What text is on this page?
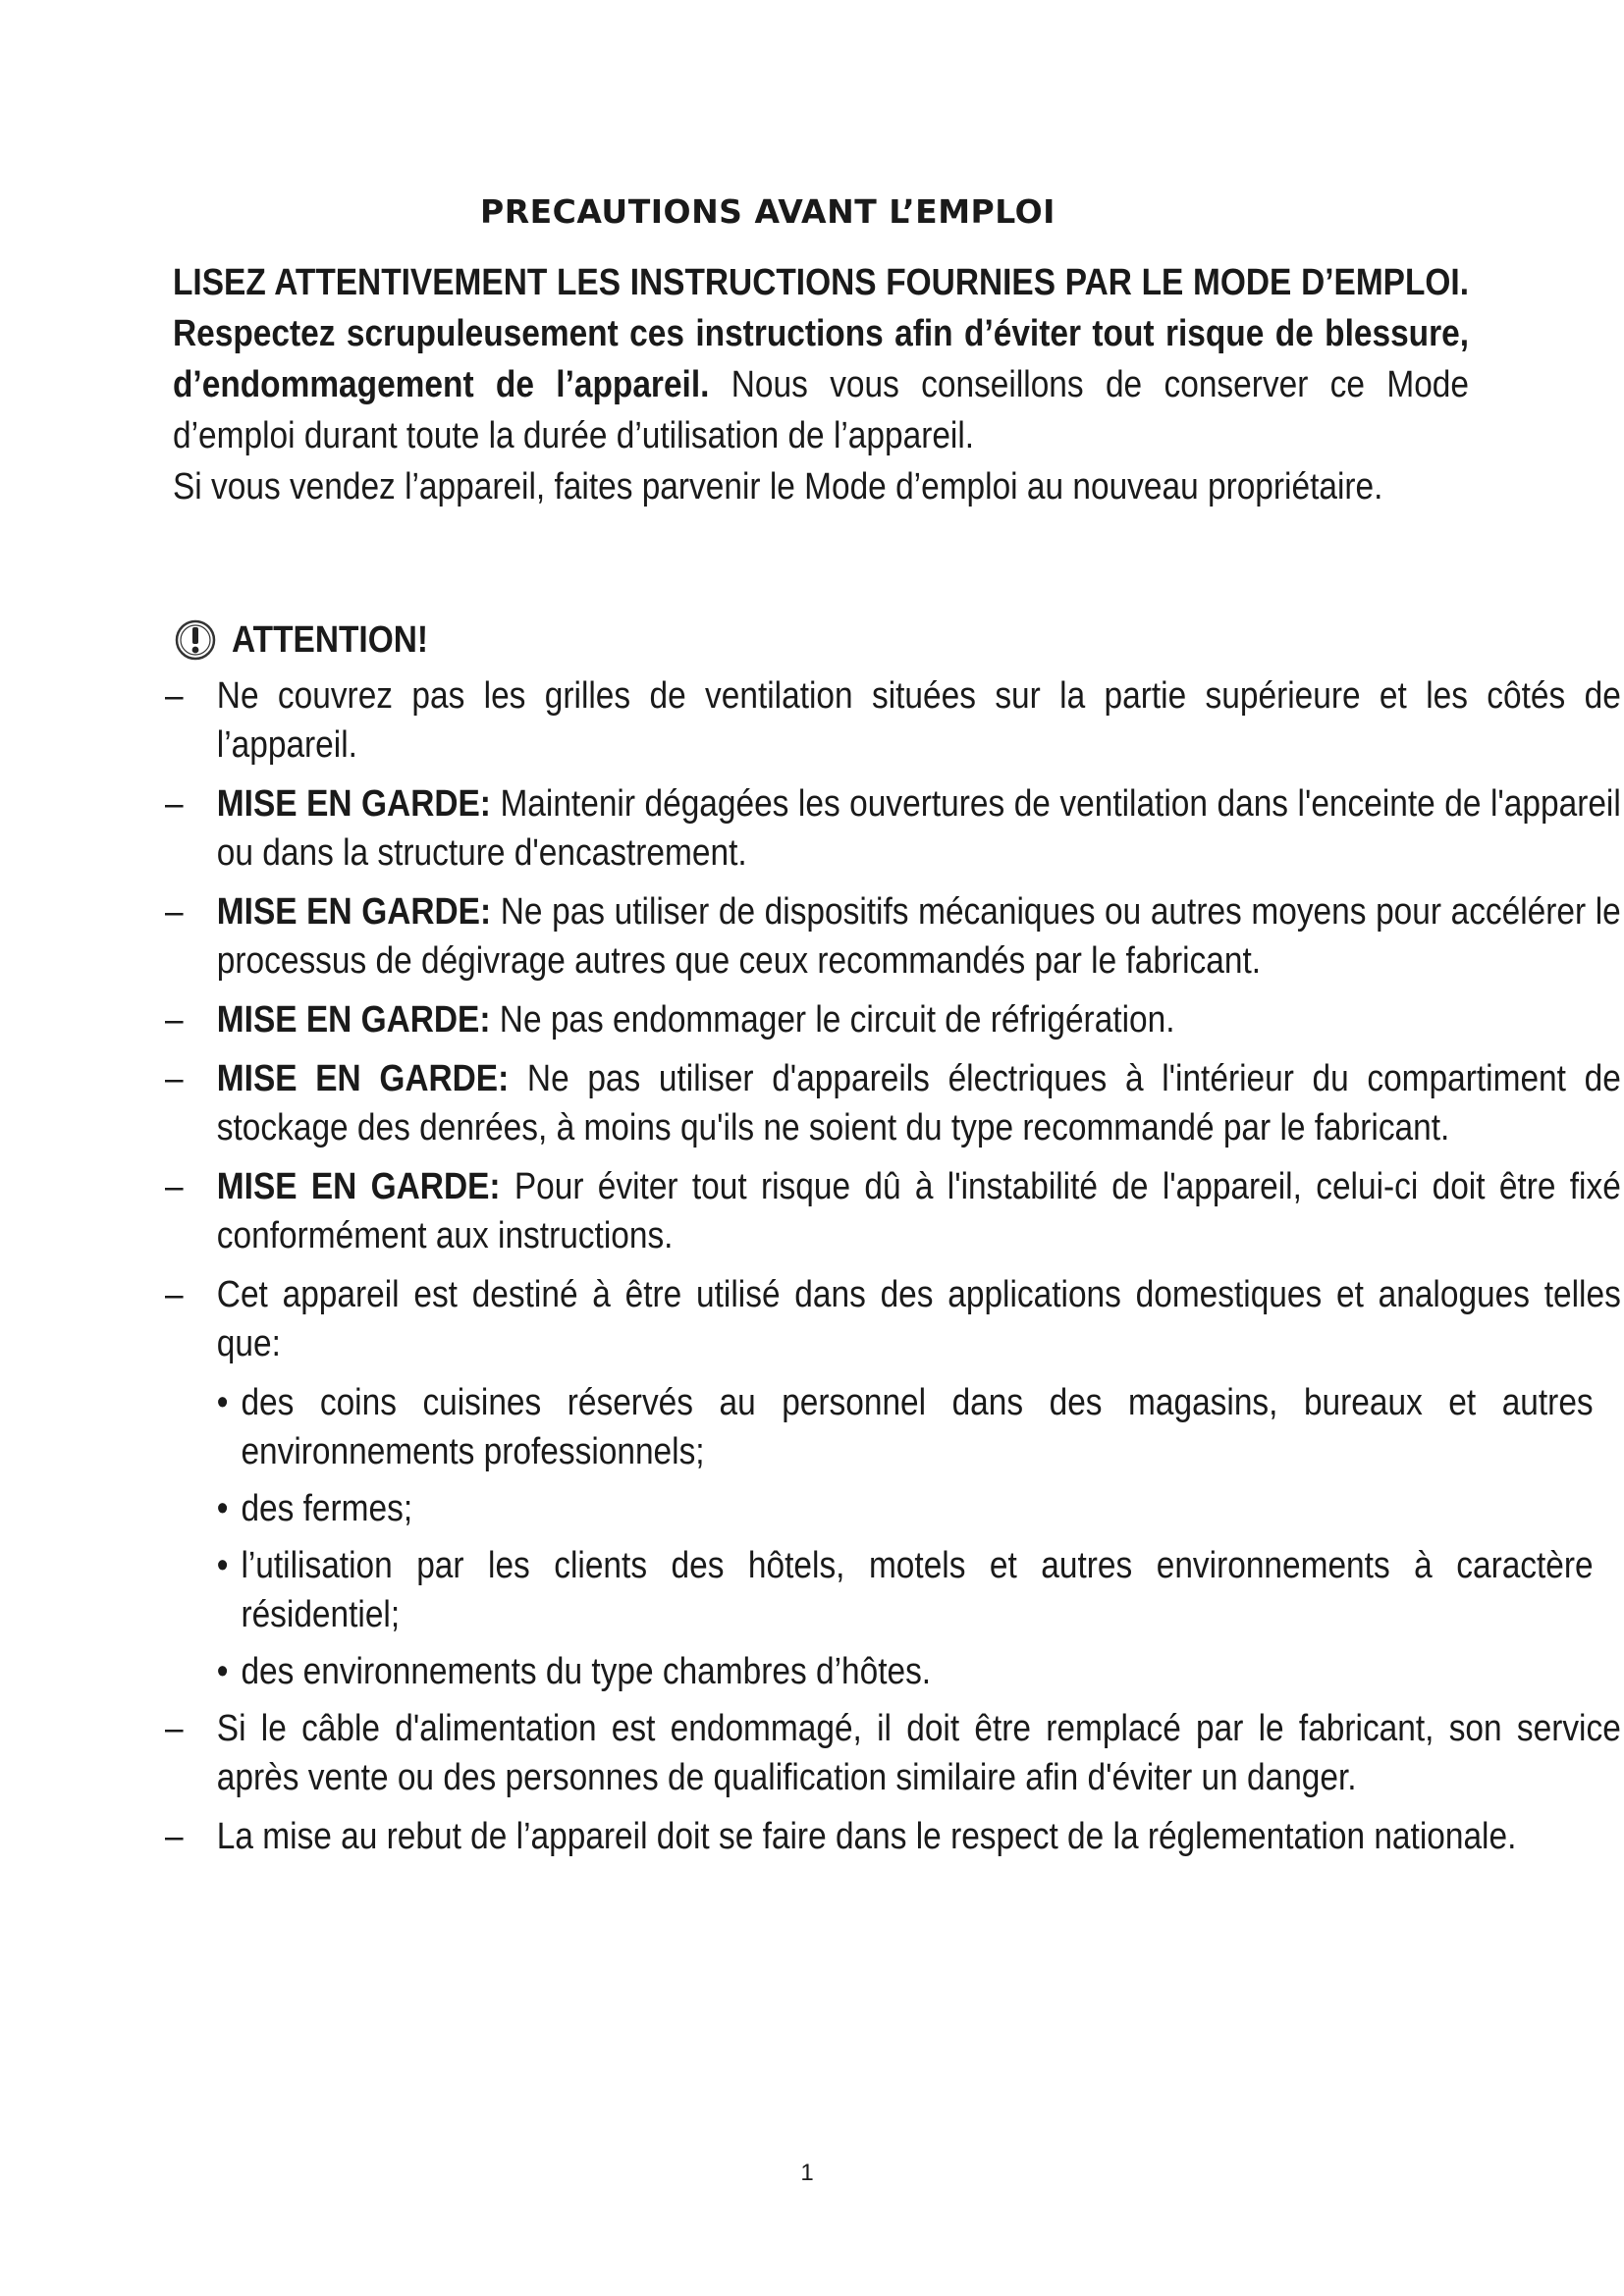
PRECAUTIONS AVANT L’EMPLOI
LISEZ ATTENTIVEMENT LES INSTRUCTIONS FOURNIES PAR LE MODE D’EMPLOI. Respectez scrupuleusement ces instructions afin d’éviter tout risque de blessure, d’endommagement de l’appareil. Nous vous conseillons de conserver ce Mode d’emploi durant toute la durée d’utilisation de l’appareil.
Si vous vendez l’appareil, faites parvenir le Mode d’emploi au nouveau propriétaire.
ATTENTION!
– Ne couvrez pas les grilles de ventilation situées sur la partie supérieure et les côtés de l’appareil.
– MISE EN GARDE: Maintenir dégagées les ouvertures de ventilation dans l'enceinte de l'appareil ou dans la structure d'encastrement.
– MISE EN GARDE: Ne pas utiliser de dispositifs mécaniques ou autres moyens pour accélérer le processus de dégivrage autres que ceux recommandés par le fabricant.
– MISE EN GARDE: Ne pas endommager le circuit de réfrigération.
– MISE EN GARDE: Ne pas utiliser d'appareils électriques à l'intérieur du compartiment de stockage des denrées, à moins qu'ils ne soient du type recommandé par le fabricant.
– MISE EN GARDE: Pour éviter tout risque dû à l'instabilité de l'appareil, celui-ci doit être fixé conformément aux instructions.
– Cet appareil est destiné à être utilisé dans des applications domestiques et analogues telles que:
• des coins cuisines réservés au personnel dans des magasins, bureaux et autres environnements professionnels;
• des fermes;
• l’utilisation par les clients des hôtels, motels et autres environnements à caractère résidentiel;
• des environnements du type chambres d’hôtes.
– Si le câble d'alimentation est endommagé, il doit être remplacé par le fabricant, son service après vente ou des personnes de qualification similaire afin d'éviter un danger.
– La mise au rebut de l’appareil doit se faire dans le respect de la réglementation nationale.
1
